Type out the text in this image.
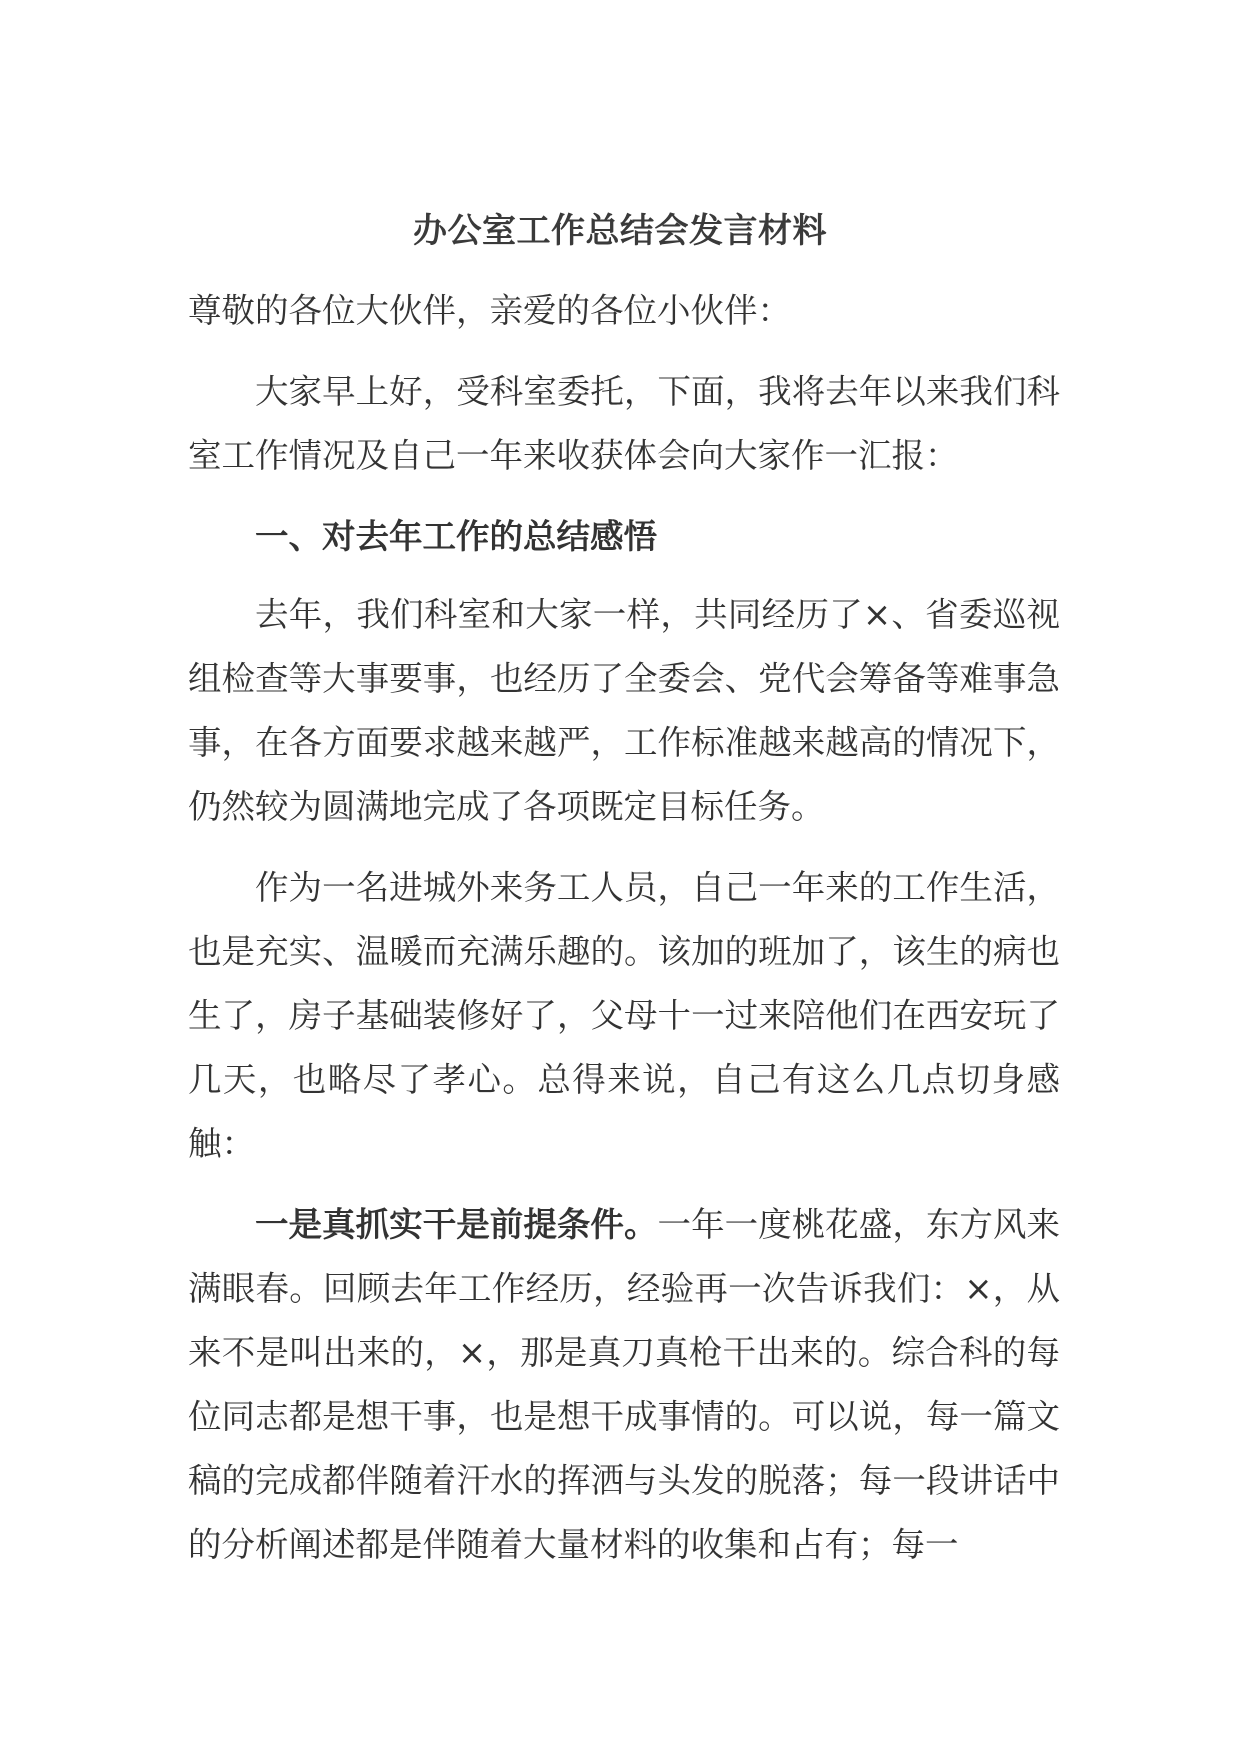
办公室工作总结会发言材料

尊敬的各位大伙伴，亲爱的各位小伙伴：

大家早上好，受科室委托，下面，我将去年以来我们科室工作情况及自己一年来收获体会向大家作一汇报：

一、对去年工作的总结感悟

去年，我们科室和大家一样，共同经历了×、省委巡视组检查等大事要事，也经历了全委会、党代会筹备等难事急事，在各方面要求越来越严，工作标准越来越高的情况下，仍然较为圆满地完成了各项既定目标任务。

作为一名进城外来务工人员，自己一年来的工作生活，也是充实、温暖而充满乐趣的。该加的班加了，该生的病也生了，房子基础装修好了，父母十一过来陪他们在西安玩了几天，也略尽了孝心。总得来说，自己有这么几点切身感触：

一是真抓实干是前提条件。一年一度桃花盛，东方风来满眼春。回顾去年工作经历，经验再一次告诉我们：×，从来不是叫出来的，×，那是真刀真枪干出来的。综合科的每位同志都是想干事，也是想干成事情的。可以说，每一篇文稿的完成都伴随着汗水的挥洒与头发的脱落；每一段讲话中的分析阐述都是伴随着大量材料的收集和占有；每一
